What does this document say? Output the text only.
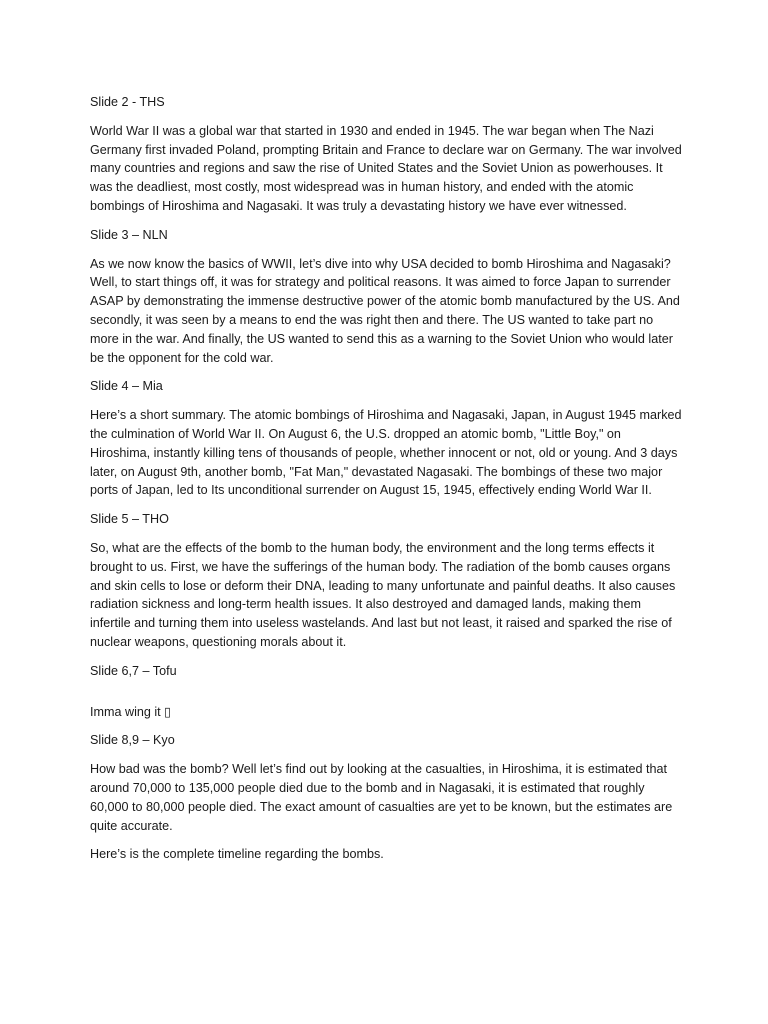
Slide 2 - THS

World War II was a global war that started in 1930 and ended in 1945. The war began when The Nazi Germany first invaded Poland, prompting Britain and France to declare war on Germany. The war involved many countries and regions and saw the rise of United States and the Soviet Union as powerhouses. It was the deadliest, most costly, most widespread was in human history, and ended with the atomic bombings of Hiroshima and Nagasaki. It was truly a devastating history we have ever witnessed.

Slide 3 – NLN

As we now know the basics of WWII, let’s dive into why USA decided to bomb Hiroshima and Nagasaki? Well, to start things off, it was for strategy and political reasons. It was aimed to force Japan to surrender ASAP by demonstrating the immense destructive power of the atomic bomb manufactured by the US. And secondly, it was seen by a means to end the was right then and there. The US wanted to take part no more in the war. And finally, the US wanted to send this as a warning to the Soviet Union who would later be the opponent for the cold war.

Slide 4 – Mia

Here’s a short summary. The atomic bombings of Hiroshima and Nagasaki, Japan, in August 1945 marked the culmination of World War II. On August 6, the U.S. dropped an atomic bomb, "Little Boy," on Hiroshima, instantly killing tens of thousands of people, whether innocent or not, old or young. And 3 days later, on August 9th, another bomb, "Fat Man," devastated Nagasaki. The bombings of these two major ports of Japan, led to Its unconditional surrender on August 15, 1945, effectively ending World War II.

Slide 5 – THO

So, what are the effects of the bomb to the human body, the environment and the long terms effects it brought to us. First, we have the sufferings of the human body. The radiation of the bomb causes organs and skin cells to lose or deform their DNA, leading to many unfortunate and painful deaths. It also causes radiation sickness and long-term health issues. It also destroyed and damaged lands, making them infertile and turning them into useless wastelands. And last but not least, it raised and sparked the rise of nuclear weapons, questioning morals about it.

Slide 6,7 – Tofu

Imma wing it ▯

Slide 8,9 – Kyo

How bad was the bomb? Well let’s find out by looking at the casualties, in Hiroshima, it is estimated that around 70,000 to 135,000 people died due to the bomb and in Nagasaki, it is estimated that roughly 60,000 to 80,000 people died. The exact amount of casualties are yet to be known, but the estimates are quite accurate.

Here’s is the complete timeline regarding the bombs.
